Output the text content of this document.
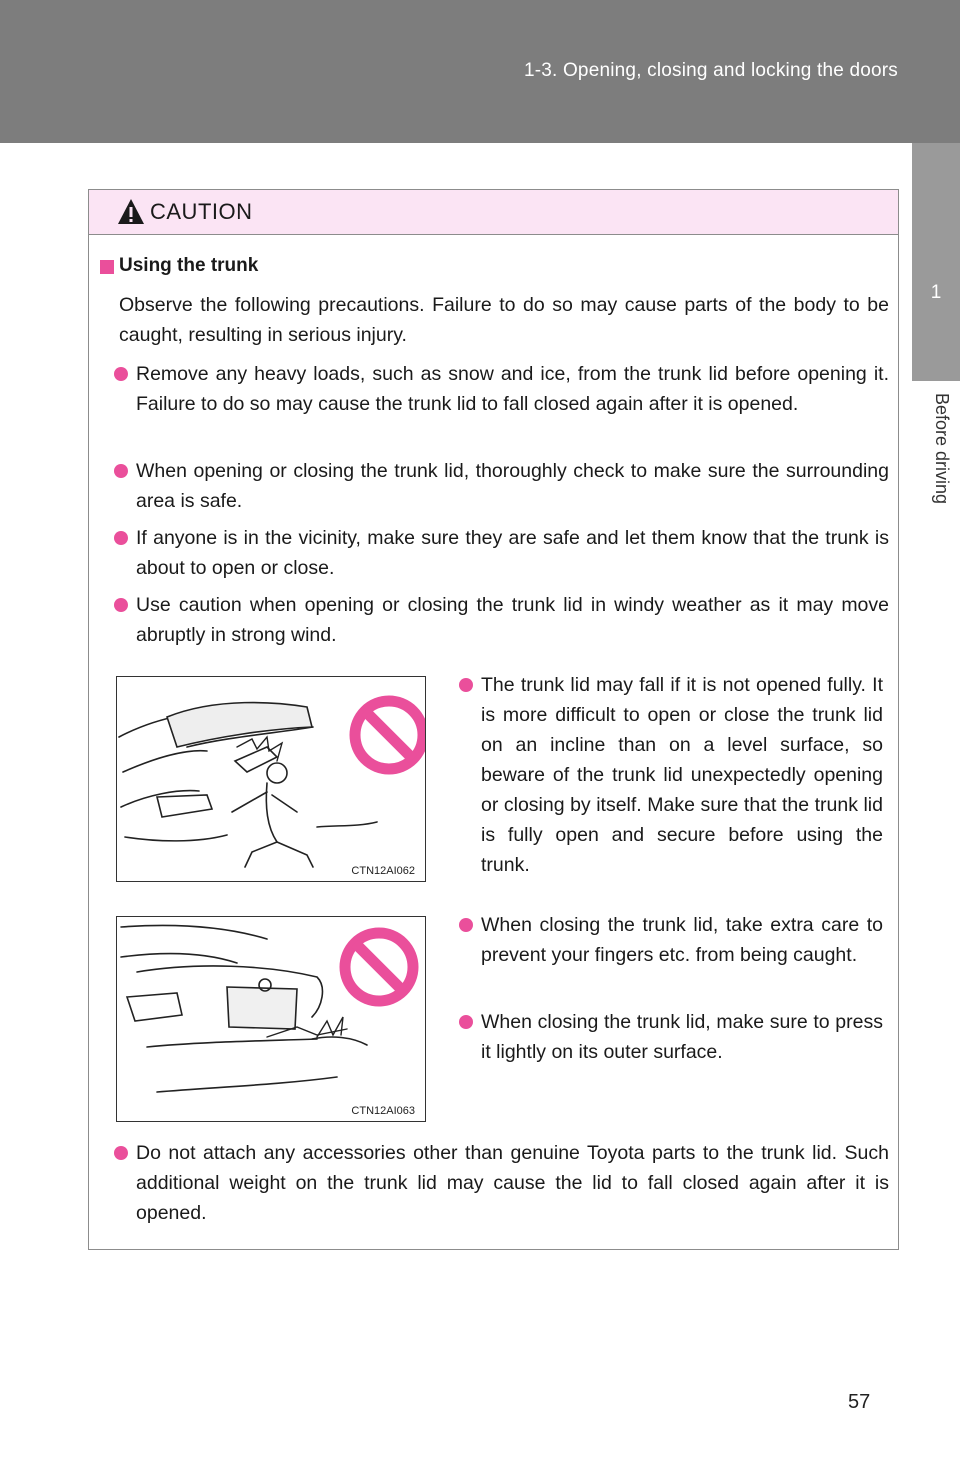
1-3. Opening, closing and locking the doors
1
Before driving
CAUTION
Using the trunk
Observe the following precautions. Failure to do so may cause parts of the body to be caught, resulting in serious injury.
Remove any heavy loads, such as snow and ice, from the trunk lid before opening it. Failure to do so may cause the trunk lid to fall closed again after it is opened.
When opening or closing the trunk lid, thoroughly check to make sure the surrounding area is safe.
If anyone is in the vicinity, make sure they are safe and let them know that the trunk is about to open or close.
Use caution when opening or closing the trunk lid in windy weather as it may move abruptly in strong wind.
CTN12AI062
The trunk lid may fall if it is not opened fully. It is more difficult to open or close the trunk lid on an incline than on a level surface, so beware of the trunk lid unexpectedly opening or closing by itself. Make sure that the trunk lid is fully open and secure before using the trunk.
CTN12AI063
When closing the trunk lid, take extra care to prevent your fingers etc. from being caught.
When closing the trunk lid, make sure to press it lightly on its outer surface.
Do not attach any accessories other than genuine Toyota parts to the trunk lid. Such additional weight on the trunk lid may cause the lid to fall closed again after it is opened.
57
